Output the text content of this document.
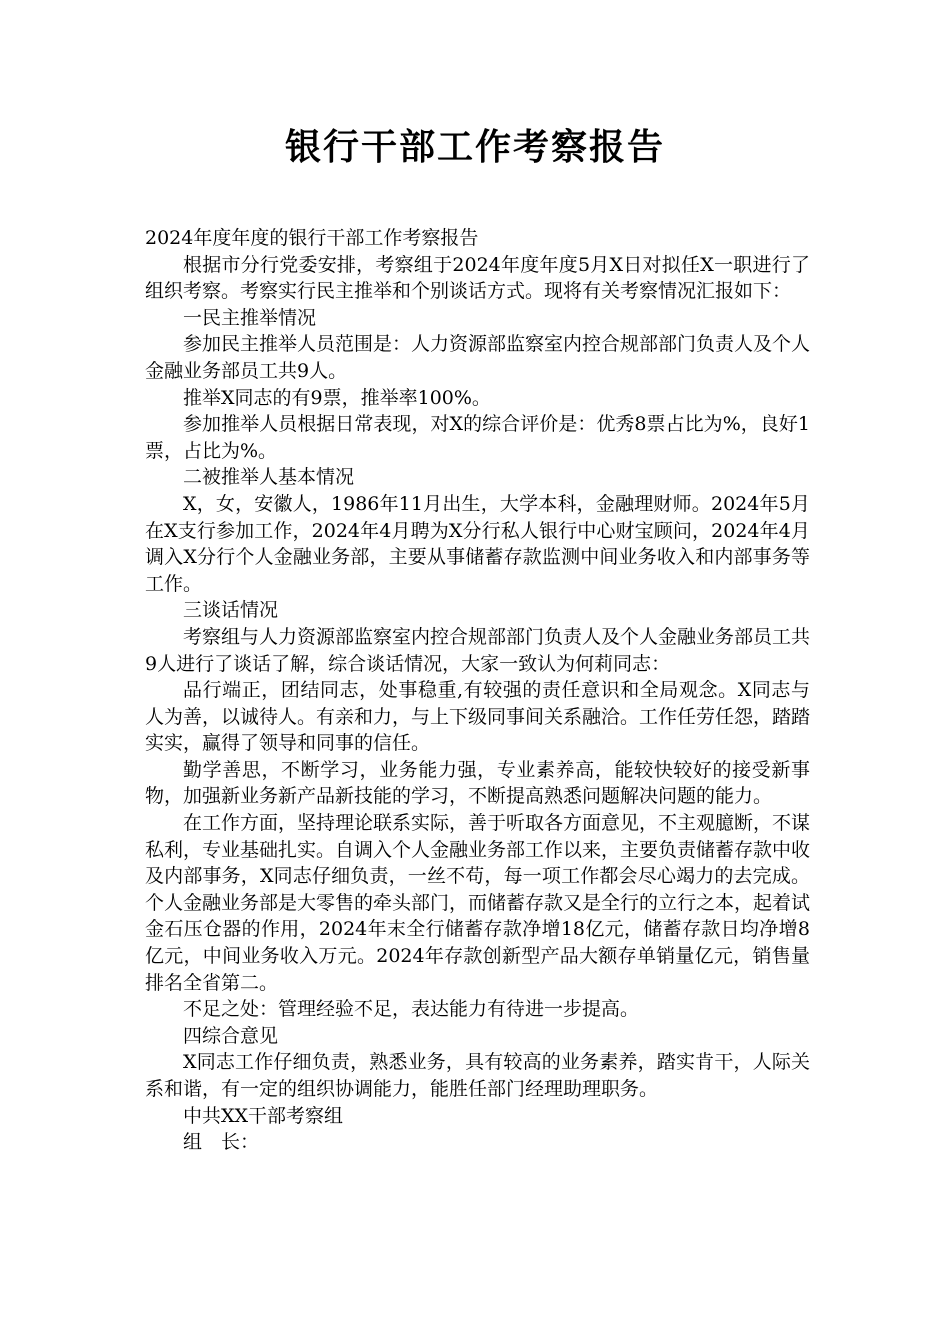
银行干部工作考察报告

2024年度年度的银行干部工作考察报告

根据市分行党委安排，考察组于2024年度年度5月X日对拟任X一职进行了组织考察。考察实行民主推举和个别谈话方式。现将有关考察情况汇报如下：

一民主推举情况

参加民主推举人员范围是：人力资源部监察室内控合规部部门负责人及个人金融业务部员工共9人。

推举X同志的有9票，推举率100%。

参加推举人员根据日常表现，对X的综合评价是：优秀8票占比为%，良好1票，占比为%。

二被推举人基本情况

X，女，安徽人，1986年11月出生，大学本科，金融理财师。2024年5月在X支行参加工作，2024年4月聘为X分行私人银行中心财宝顾问，2024年4月调入X分行个人金融业务部，主要从事储蓄存款监测中间业务收入和内部事务等工作。

三谈话情况

考察组与人力资源部监察室内控合规部部门负责人及个人金融业务部员工共9人进行了谈话了解，综合谈话情况，大家一致认为何莉同志：

品行端正，团结同志，处事稳重,有较强的责任意识和全局观念。X同志与人为善，以诚待人。有亲和力，与上下级同事间关系融洽。工作任劳任怨，踏踏实实，赢得了领导和同事的信任。

勤学善思，不断学习，业务能力强，专业素养高，能较快较好的接受新事物，加强新业务新产品新技能的学习，不断提高熟悉问题解决问题的能力。

在工作方面，坚持理论联系实际，善于听取各方面意见，不主观臆断，不谋私利，专业基础扎实。自调入个人金融业务部工作以来，主要负责储蓄存款中收及内部事务，X同志仔细负责，一丝不苟，每一项工作都会尽心竭力的去完成。个人金融业务部是大零售的牵头部门，而储蓄存款又是全行的立行之本，起着试金石压仓器的作用，2024年末全行储蓄存款净增18亿元，储蓄存款日均净增8亿元，中间业务收入万元。2024年存款创新型产品大额存单销量亿元，销售量排名全省第二。

不足之处：管理经验不足，表达能力有待进一步提高。

四综合意见

X同志工作仔细负责，熟悉业务，具有较高的业务素养，踏实肯干，人际关系和谐，有一定的组织协调能力，能胜任部门经理助理职务。

中共XX干部考察组

组　长：
